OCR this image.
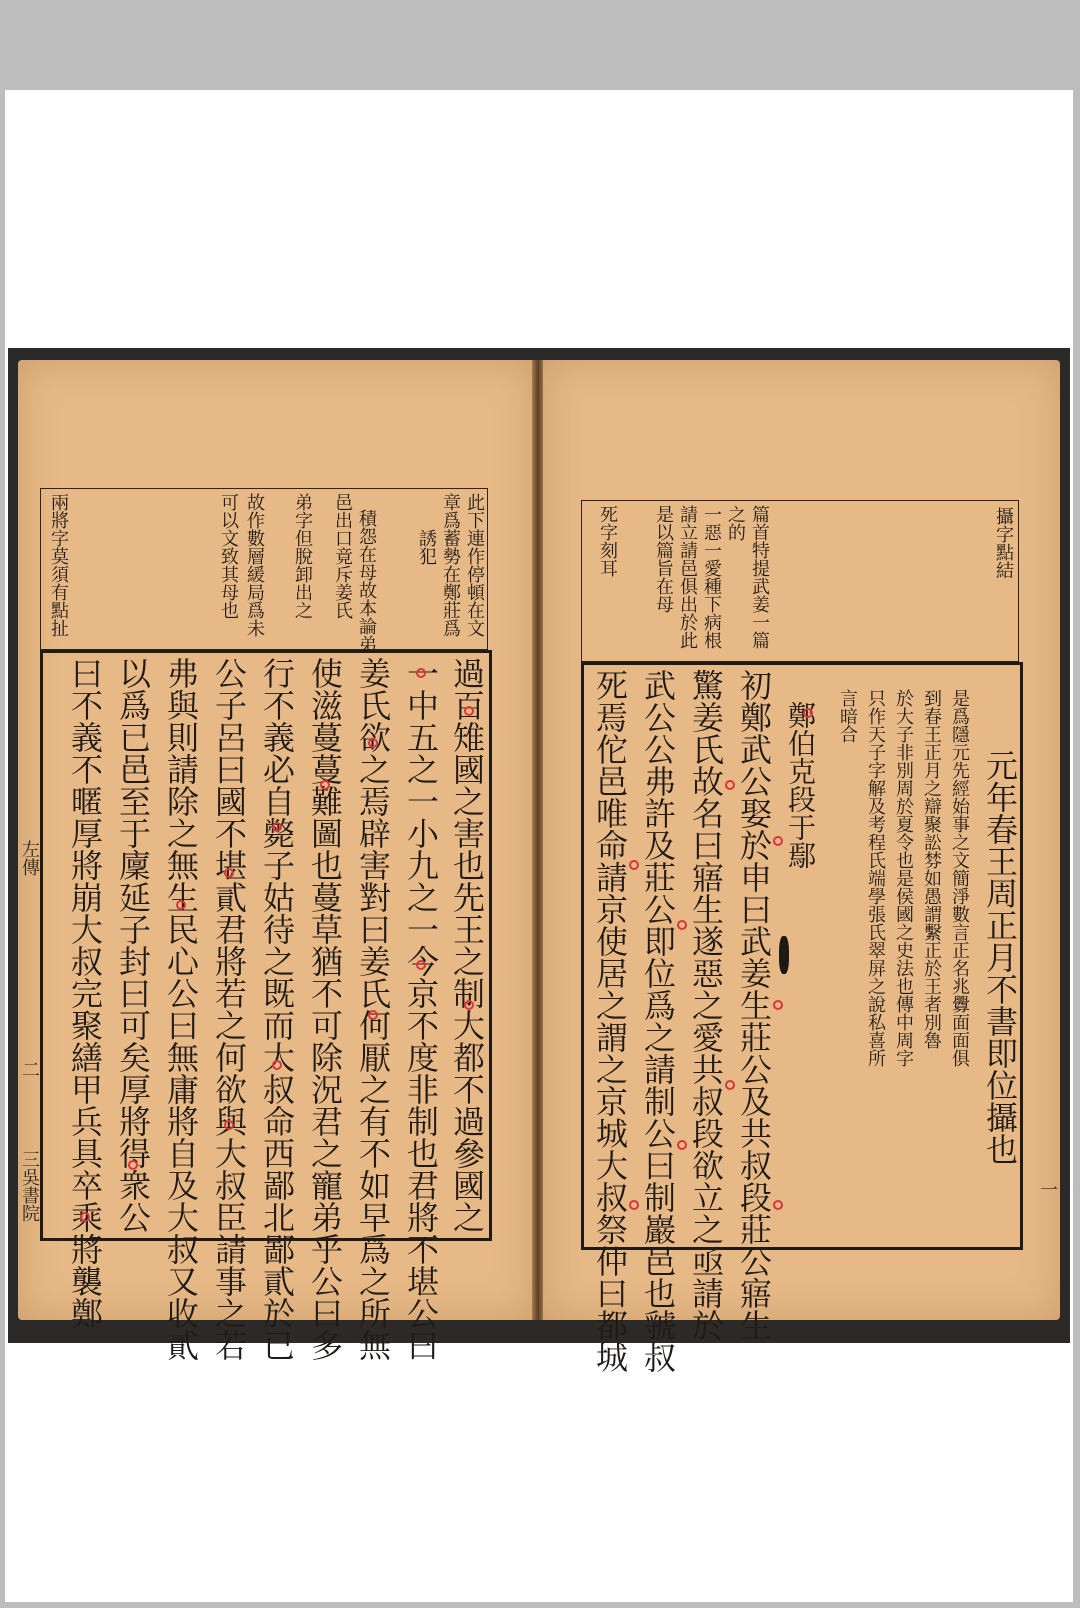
此下連作停頓在文
章爲蓄勢在鄭莊爲
誘犯
積怨在母故本論弟
邑出口竟斥姜氏
弟字但脫卸出之
故作數層緩局爲未
可以文致其母也
兩將字莫須有點扯
過百雉國之害也先王之制大都不過參國之
一中五之一小九之一今京不度非制也君將不堪公曰
姜氏欲之焉辟害對曰姜氏何厭之有不如早爲之所無
使滋蔓蔓難圖也蔓草猶不可除況君之寵弟乎公曰多
行不義必自斃子姑待之既而大叔命西鄙北鄙貳於已
公子呂曰國不堪貳君將若之何欲與大叔臣請事之若
弗與則請除之無生民心公曰無庸將自及大叔又收貳
以爲已邑至于廩延子封曰可矣厚將得衆公
曰不義不暱厚將崩大叔完聚繕甲兵具卒乘將襲鄭
左傳
二
三吳書院
攝字點結
篇首特提武姜一篇
之的
一惡一愛種下病根
請立請邑俱出於此
是以篇旨在母
死字刻耳
元年春王周正月不書即位攝也
是爲隱元先經始事之文簡淨數言正名兆釁面面俱
到春王正月之辯聚訟棼如愚謂繫正於王者別魯
於大子非別周於夏令也是侯國之史法也傳中周字
只作天子字解及考程氏端學張氏翠屏之說私喜所
言暗合
鄭伯克段于鄢
初鄭武公娶於申曰武姜生莊公及共叔段莊公寤生
驚姜氏故名曰寤生遂惡之愛共叔段欲立之亟請於
武公公弗許及莊公即位爲之請制公曰制巖邑也虢叔
死焉佗邑唯命請京使居之謂之京城大叔祭仲曰都城	一
